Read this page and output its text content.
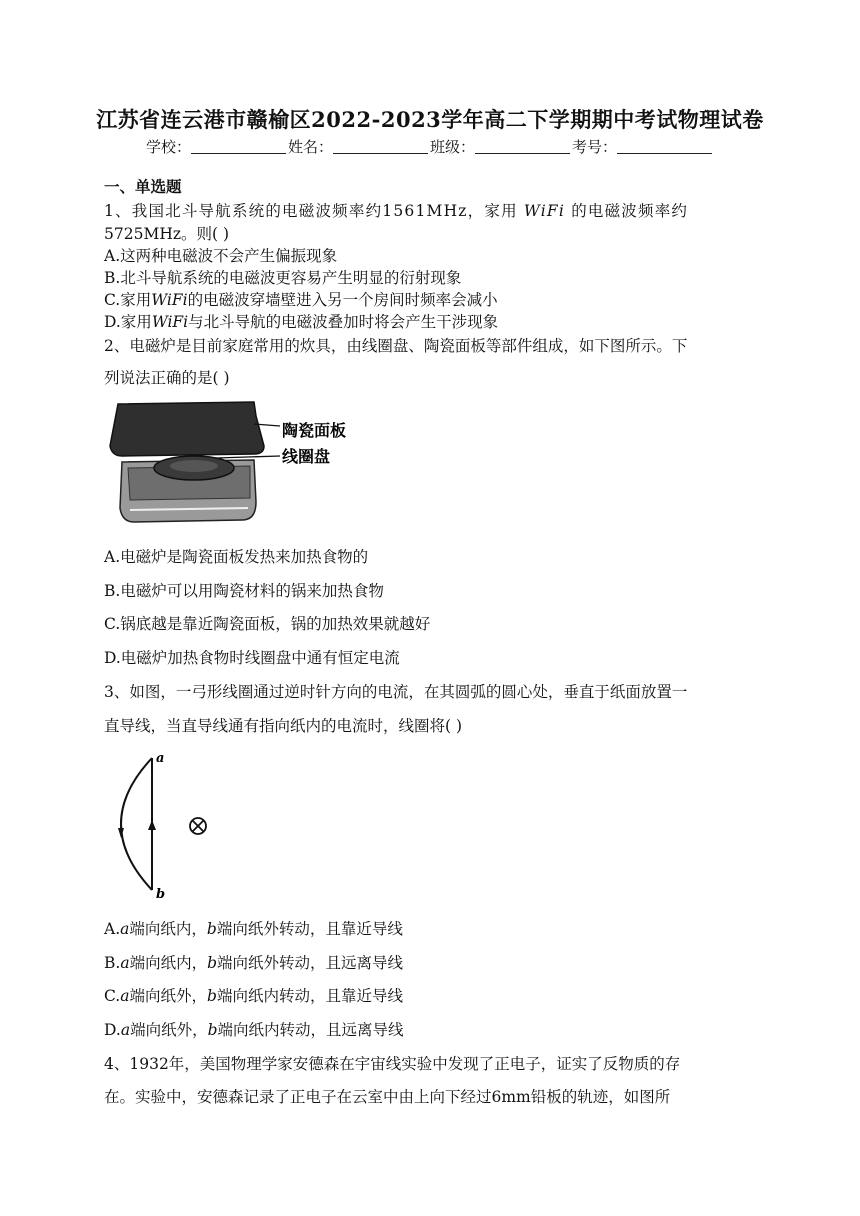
江苏省连云港市赣榆区2022-2023学年高二下学期期中考试物理试卷
学校：	姓名：	班级：	考号：
一、单选题
1、我国北斗导航系统的电磁波频率约1561MHz，家用 WiFi 的电磁波频率约
5725MHz。则( )
A.这两种电磁波不会产生偏振现象
B.北斗导航系统的电磁波更容易产生明显的衍射现象
C.家用WiFi的电磁波穿墙壁进入另一个房间时频率会减小
D.家用WiFi与北斗导航的电磁波叠加时将会产生干涉现象
2、电磁炉是目前家庭常用的炊具，由线圈盘、陶瓷面板等部件组成，如下图所示。下
列说法正确的是( )
陶瓷面板
线圈盘
A.电磁炉是陶瓷面板发热来加热食物的
B.电磁炉可以用陶瓷材料的锅来加热食物
C.锅底越是靠近陶瓷面板，锅的加热效果就越好
D.电磁炉加热食物时线圈盘中通有恒定电流
3、如图，一弓形线圈通过逆时针方向的电流，在其圆弧的圆心处，垂直于纸面放置一
直导线，当直导线通有指向纸内的电流时，线圈将( )
a
b
A.a端向纸内，b端向纸外转动，且靠近导线
B.a端向纸内，b端向纸外转动，且远离导线
C.a端向纸外，b端向纸内转动，且靠近导线
D.a端向纸外，b端向纸内转动，且远离导线
4、1932年，美国物理学家安德森在宇宙线实验中发现了正电子，证实了反物质的存
在。实验中，安德森记录了正电子在云室中由上向下经过6mm铅板的轨迹，如图所
